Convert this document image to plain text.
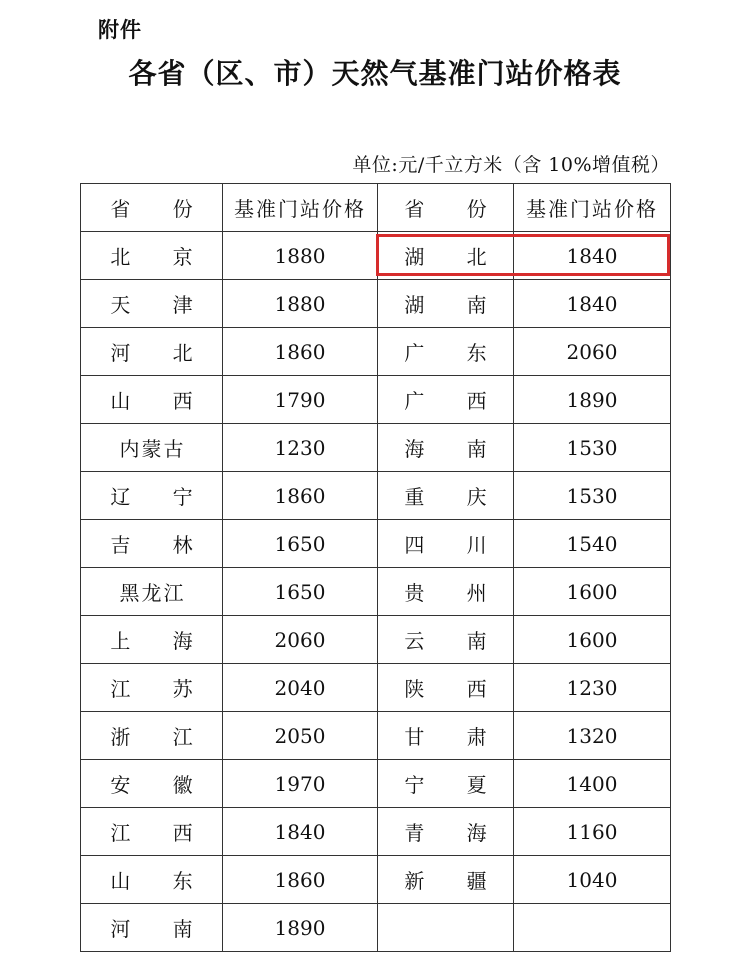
附件
各省（区、市）天然气基准门站价格表
单位:元/千立方米（含 10%增值税）
省 份	基准门站价格	省 份	基准门站价格
北 京	1880	湖 北	1840
天 津	1880	湖 南	1840
河 北	1860	广 东	2060
山 西	1790	广 西	1890
内蒙古	1230	海 南	1530
辽 宁	1860	重 庆	1530
吉 林	1650	四 川	1540
黑龙江	1650	贵 州	1600
上 海	2060	云 南	1600
江 苏	2040	陕 西	1230
浙 江	2050	甘 肃	1320
安 徽	1970	宁 夏	1400
江 西	1840	青 海	1160
山 东	1860	新 疆	1040
河 南	1890		
